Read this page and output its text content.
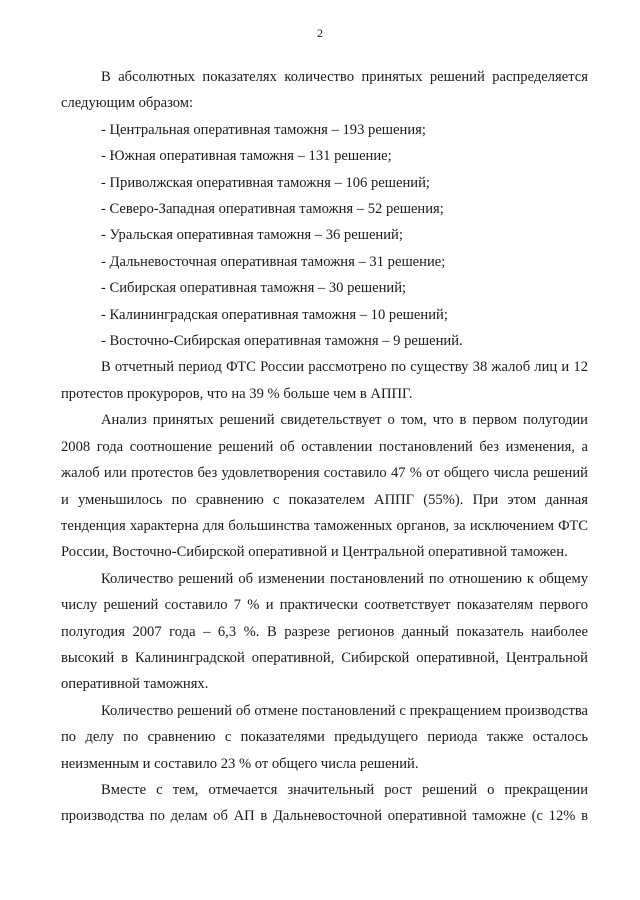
2

В абсолютных показателях количество принятых решений распределяется следующим образом:

- Центральная оперативная таможня – 193 решения;
- Южная оперативная таможня – 131 решение;
- Приволжская оперативная таможня – 106 решений;
- Северо-Западная оперативная таможня – 52 решения;
- Уральская оперативная таможня – 36 решений;
- Дальневосточная оперативная таможня – 31 решение;
- Сибирская оперативная таможня – 30 решений;
- Калининградская оперативная таможня – 10 решений;
- Восточно-Сибирская оперативная таможня – 9 решений.

В отчетный период ФТС России рассмотрено по существу 38 жалоб лиц и 12 протестов прокуроров, что на 39 % больше чем в АППГ.

Анализ принятых решений свидетельствует о том, что в первом полугодии 2008 года соотношение решений об оставлении постановлений без изменения, а жалоб или протестов без удовлетворения составило 47 % от общего числа решений и уменьшилось по сравнению с показателем АППГ (55%). При этом данная тенденция характерна для большинства таможенных органов, за исключением ФТС России, Восточно-Сибирской оперативной и Центральной оперативной таможен.

Количество решений об изменении постановлений по отношению к общему числу решений составило 7 % и практически соответствует показателям первого полугодия 2007 года – 6,3 %. В разрезе регионов данный показатель наиболее высокий в Калининградской оперативной, Сибирской оперативной, Центральной оперативной таможнях.

Количество решений об отмене постановлений с прекращением производства по делу по сравнению с показателями предыдущего периода также осталось неизменным и составило 23 % от общего числа решений.

Вместе с тем, отмечается значительный рост решений о прекращении производства по делам об АП в Дальневосточной оперативной таможне (с 12% в
